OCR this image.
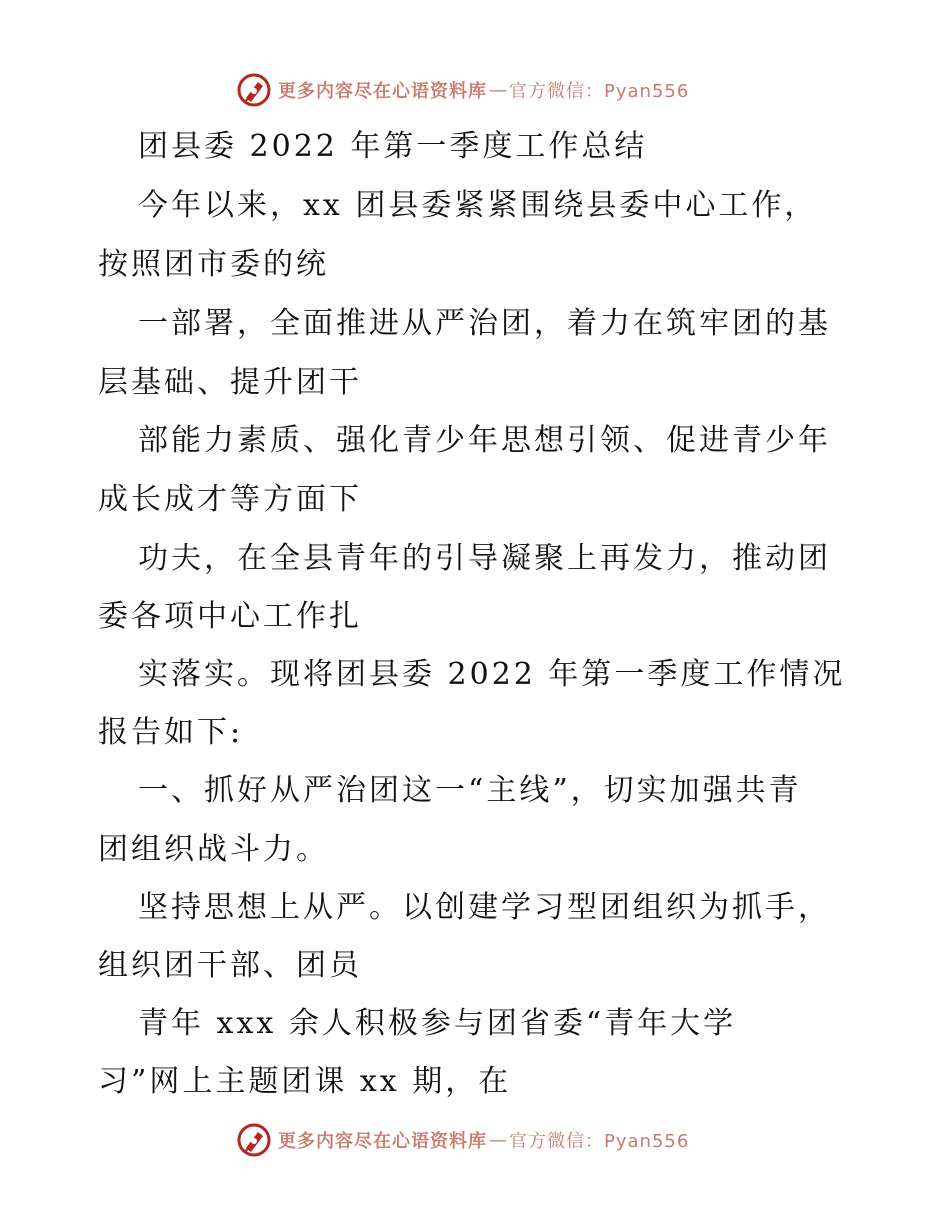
更多内容尽在心语资料库 — 官方微信：Pyan556
团县委 2022 年第一季度工作总结
今年以来，xx 团县委紧紧围绕县委中心工作，
按照团市委的统
一部署，全面推进从严治团，着力在筑牢团的基
层基础、提升团干
部能力素质、强化青少年思想引领、促进青少年
成长成才等方面下
功夫，在全县青年的引导凝聚上再发力，推动团
委各项中心工作扎
实落实。现将团县委 2022 年第一季度工作情况
报告如下:
一、抓好从严治团这一“主线”，切实加强共青
团组织战斗力。
坚持思想上从严。以创建学习型团组织为抓手，
组织团干部、团员
青年 xxx 余人积极参与团省委“青年大学
习”网上主题团课 xx 期，在
更多内容尽在心语资料库 — 官方微信：Pyan556
